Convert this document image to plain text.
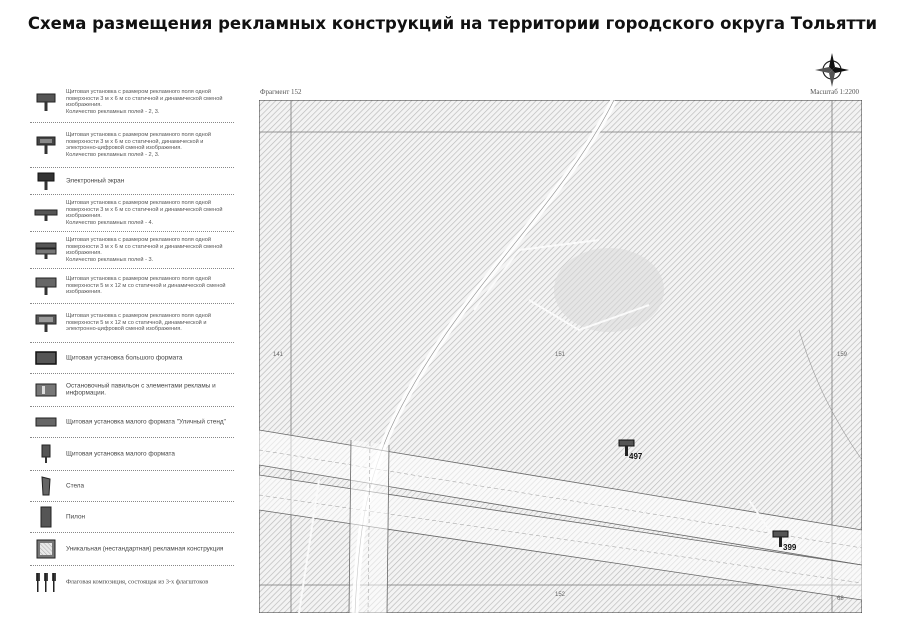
Схема размещения рекламных конструкций на территории городского округа Тольятти
Фрагмент 152	Масштаб 1:2200
Щитовая установка с размером рекламного поля одной поверхности 3 м х 6 м со статичной и динамической сменой изображения.
Количество рекламных полей - 2, 3.
Щитовая установка с размером рекламного поля одной поверхности 3 м х 6 м со статичной, динамической и электронно-цифровой сменой изображения.
Количество рекламных полей - 2, 3.
Электронный экран
Щитовая установка с размером рекламного поля одной поверхности 3 м х 6 м со статичной и динамической сменой изображения.
Количество рекламных полей - 4.
Щитовая установка с размером рекламного поля одной поверхности 3 м х 6 м со статичной и динамической сменой изображения.
Количество рекламных полей - 3.
Щитовая установка с размером рекламного поля одной поверхности 5 м х 12 м со статичной и динамической сменой изображения.
Щитовая установка с размером рекламного поля одной поверхности 5 м х 12 м со статичной, динамической и электронно-цифровой сменой изображения.
Щитовая установка большого формата
Остановочный павильон с элементами рекламы и информации.
Щитовая установка малого формата "Уличный стенд"
Щитовая установка малого формата
Стела
Пилон
Уникальная (нестандартная) рекламная конструкция
Флаговая композиция, состоящая из 3-х флагштоков
141	151	159
152
68
497
399
